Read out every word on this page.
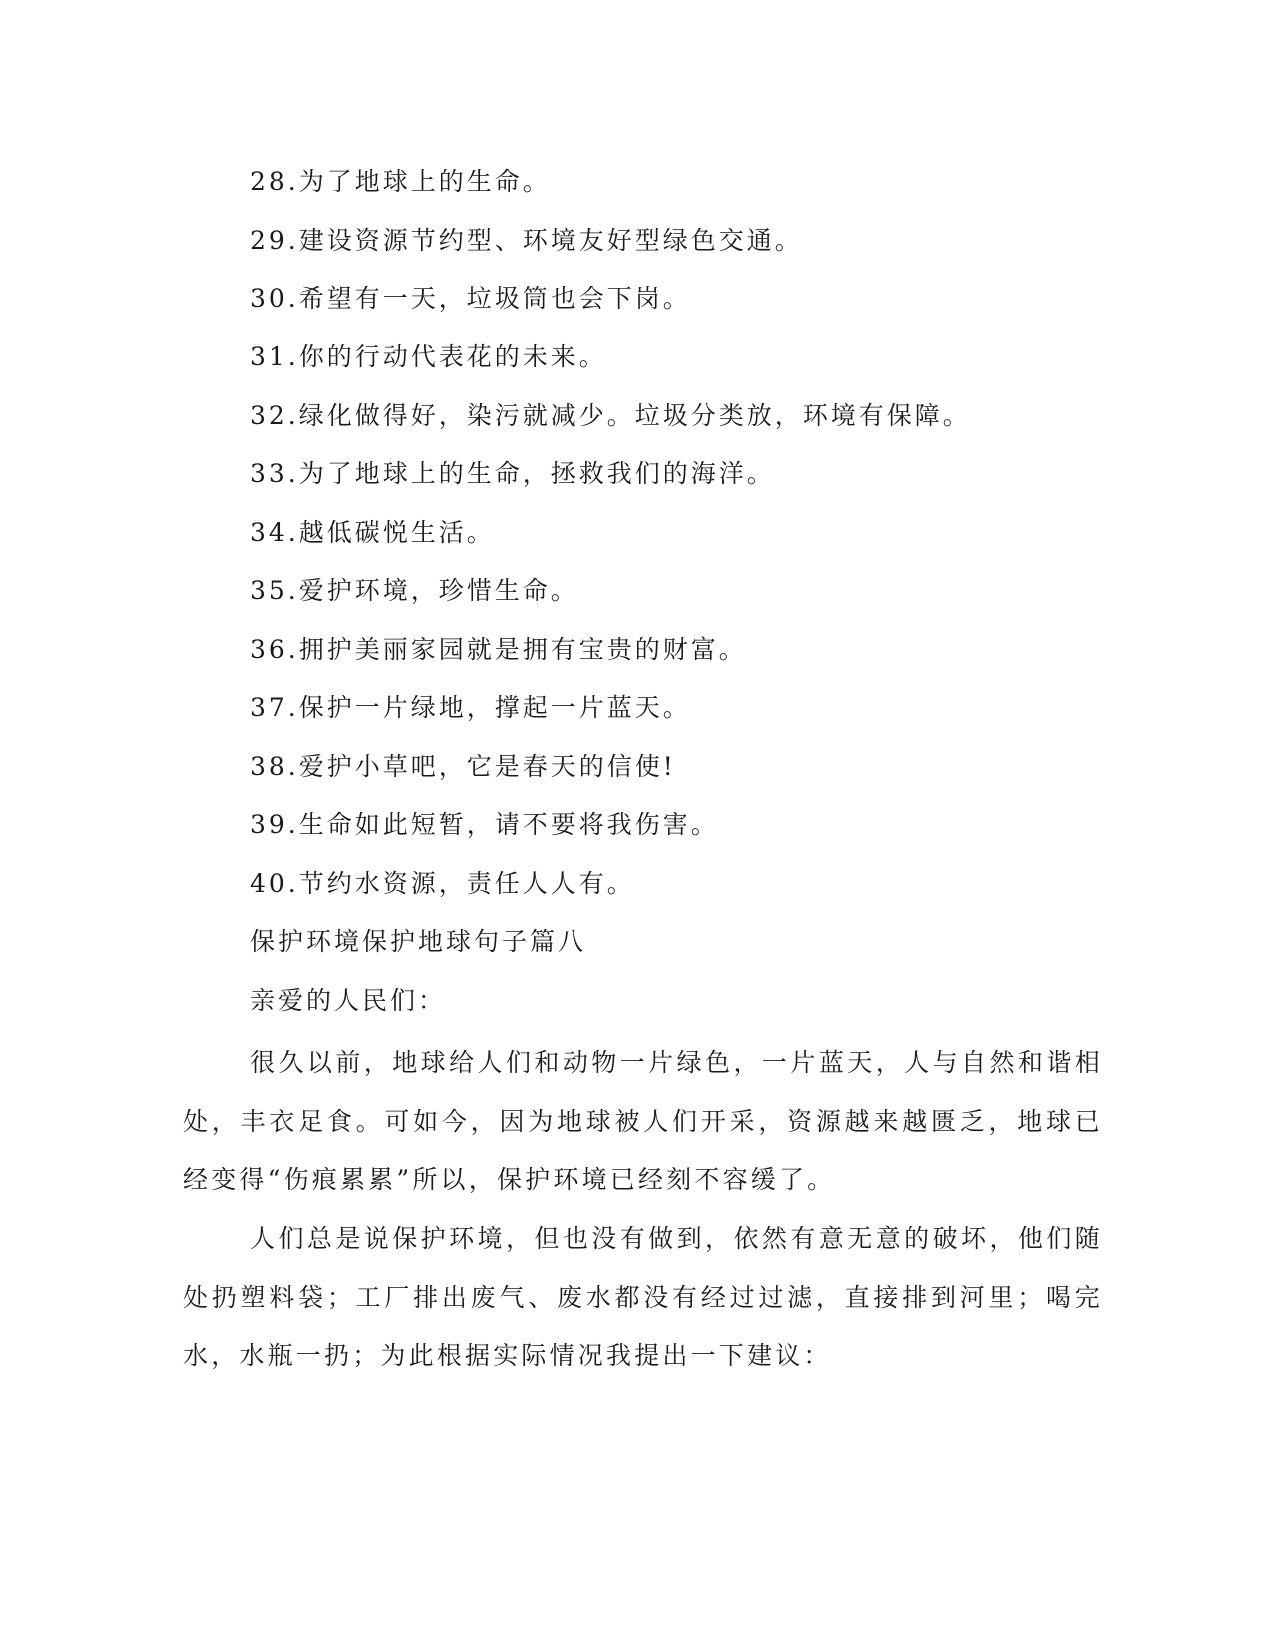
28.为了地球上的生命。

29.建设资源节约型、环境友好型绿色交通。

30.希望有一天，垃圾筒也会下岗。

31.你的行动代表花的未来。

32.绿化做得好，染污就减少。垃圾分类放，环境有保障。

33.为了地球上的生命，拯救我们的海洋。

34.越低碳悦生活。

35.爱护环境，珍惜生命。

36.拥护美丽家园就是拥有宝贵的财富。

37.保护一片绿地，撑起一片蓝天。

38.爱护小草吧，它是春天的信使!

39.生命如此短暂，请不要将我伤害。

40.节约水资源，责任人人有。

保护环境保护地球句子篇八

亲爱的人民们：

很久以前，地球给人们和动物一片绿色，一片蓝天，人与自然和谐相处，丰衣足食。可如今，因为地球被人们开采，资源越来越匮乏，地球已经变得“伤痕累累”所以，保护环境已经刻不容缓了。

人们总是说保护环境，但也没有做到，依然有意无意的破坏，他们随处扔塑料袋；工厂排出废气、废水都没有经过过滤，直接排到河里；喝完水，水瓶一扔；为此根据实际情况我提出一下建议：
